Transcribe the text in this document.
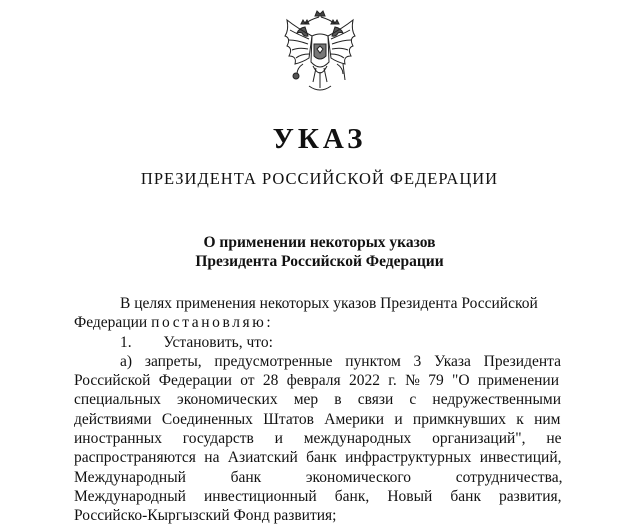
УКАЗ
ПРЕЗИДЕНТА РОССИЙСКОЙ ФЕДЕРАЦИИ
О применении некоторых указов
Президента Российской Федерации
В целях применения некоторых указов Президента Российской
Федерации постановляю:
1. Установить, что:
а) запреты, предусмотренные пунктом 3 Указа Президента
Российской Федерации от 28 февраля 2022 г. № 79 "О применении
специальных экономических мер в связи с недружественными
действиями Соединенных Штатов Америки и примкнувших к ним
иностранных государств и международных организаций", не
распространяются на Азиатский банк инфраструктурных инвестиций,
Международный банк экономического сотрудничества,
Международный инвестиционный банк, Новый банк развития,
Российско-Кыргызский Фонд развития;
